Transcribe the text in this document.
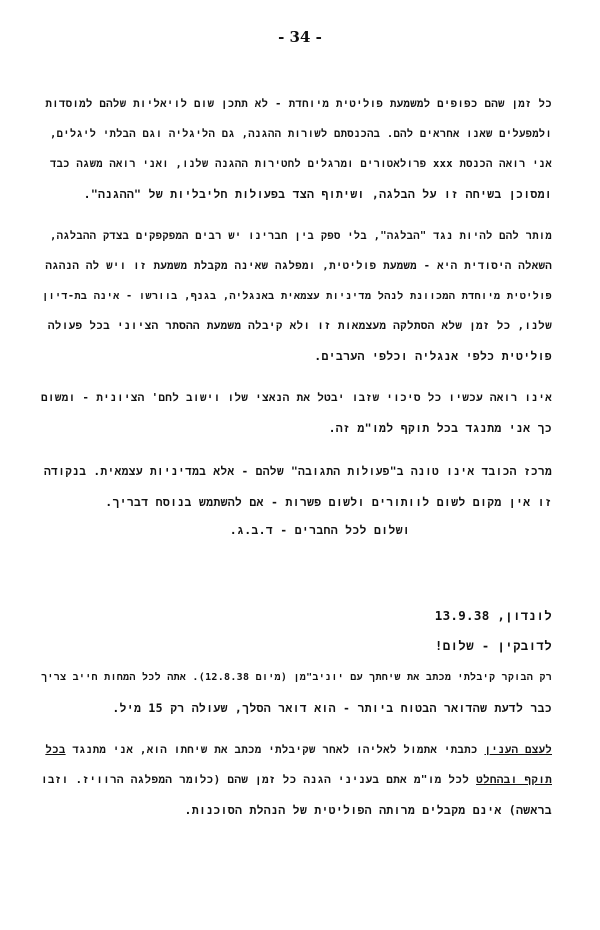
- 34 -
כל זמן שהם כפופים למשמעת פוליטית מיוחדת - לא תתכן שום לויאליות שלהם למוסדות
ולמפעלים שאנו אחראים להם. בהכנסתם לשורות ההגנה, גם הליגליה וגם הבלתי ליגלים,
אני רואה הכנסת xxx פרולאטורים ומרגלים לחטירות ההגנה שלנו, ואני רואה משגה כבד
ומסוכן בשיחה זו על הבלגה, ושיתוף הצד בפעולות חליבליות של "ההגנה".
מותר להם להיות נגד "הבלגה", בלי ספק בין חברינו יש רבים המפקפקים בצדק ההבלגה,
השאלה היסודית היא - משמעת פוליטית, ומפלגה שאינה מקבלת משמעת זו ויש לה הנהגה
פוליטית מיוחדת המכוונת לנהל מדיניות עצמאית באנגליה, בגנף, בוורשו - אינה בת-דיון
שלנו, כל זמן שלא הסתלקה מעצמאות זו ולא קיבלה משמעת ההסתר הציוני בכל פעולה
פוליטית כלפי אנגליה וכלפי הערבים.
אינו רואה עכשיו כל סיכוי שזבו יבטל את הנאצי שלו וישוב לחם' הציונית - ומשום
כך אני מתנגד בכל תוקף למו"מ זה.
מרכז הכובד אינו טונה ב"פעולות התגובה" שלהם - אלא במדיניות עצמאית. בנקודה
זו אין מקום לשום לוותורים ולשום פשרות - אם להשתמש בנוסח דבריך.
ושלום לכל החברים - ד.ב.ג.
לונדון, 13.9.38
לדובקין - שלום!
רק הבוקר קיבלתי מכתב את שיחתך עם יוניב"מן (מיום 12.8.38). אתה לכל המחות חייב צריך
כבר לדעת שהדואר הבטוח ביותר - הוא דואר הסלך, שעולה רק 15 מיל.
לעצם הענין כתבתי אתמול לאליהו לאחר שקיבלתי מכתב את שיחתו הוא, אני מתנגד בכל
תוקף ובהחלט לכל מו"מ אתם בעניני הגנה כל זמן שהם (כלומר המפלגה הרוויז. וזבו
בראשה) אינם מקבלים מרותה הפוליטית של הנהלת הסוכנות.
